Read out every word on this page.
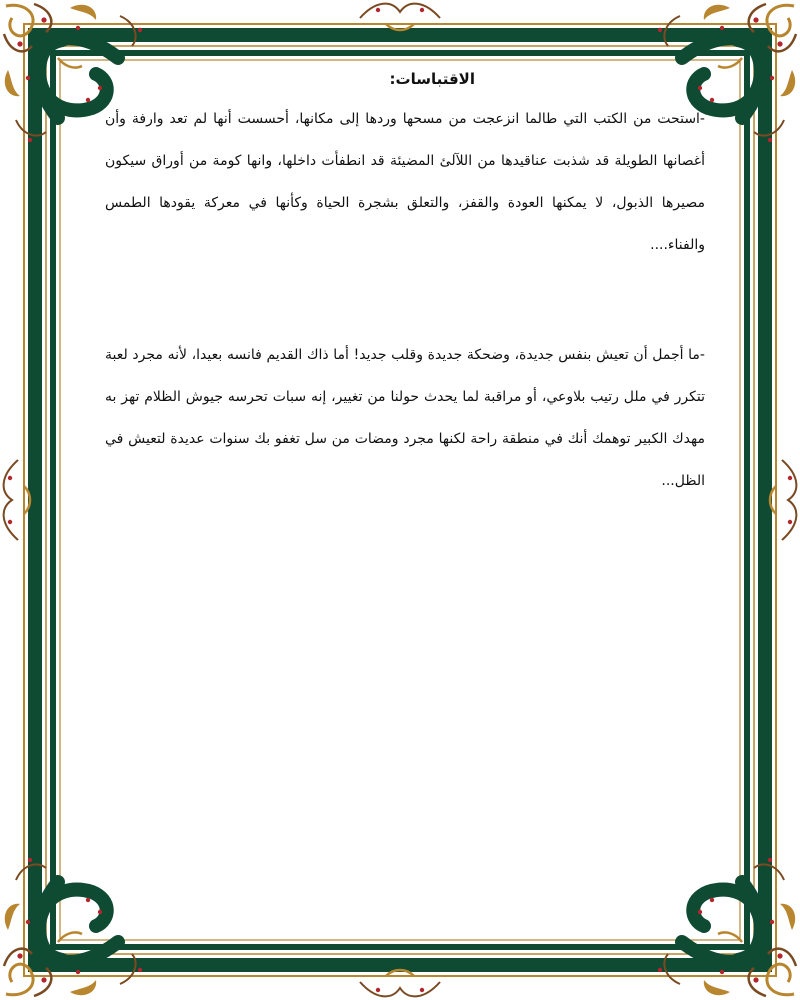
الاقتباسات:

-استحت من الكتب التي طالما انزعجت من مسحها وردها إلى مكانها، أحسست أنها لم تعد وارفة وأن أغصانها الطويلة قد شذبت عناقيدها من اللآلئ المضيئة قد انطفأت داخلها، وانها كومة من أوراق سيكون مصيرها الذبول، لا يمكنها العودة والقفز، والتعلق بشجرة الحياة وكأنها في معركة يقودها الطمس والفناء....

-ما أجمل أن تعيش بنفس جديدة، وضحكة جديدة وقلب جديد! أما ذاك القديم فانسه بعيدا، لأنه مجرد لعبة تتكرر في ملل رتيب بلاوعي، أو مراقبة لما يحدث حولنا من تغيير، إنه سبات تحرسه جيوش الظلام تهز به مهدك الكبير توهمك أنك في منطقة راحة لكنها مجرد ومضات من سل تغفو بك سنوات عديدة لتعيش في الظل...
